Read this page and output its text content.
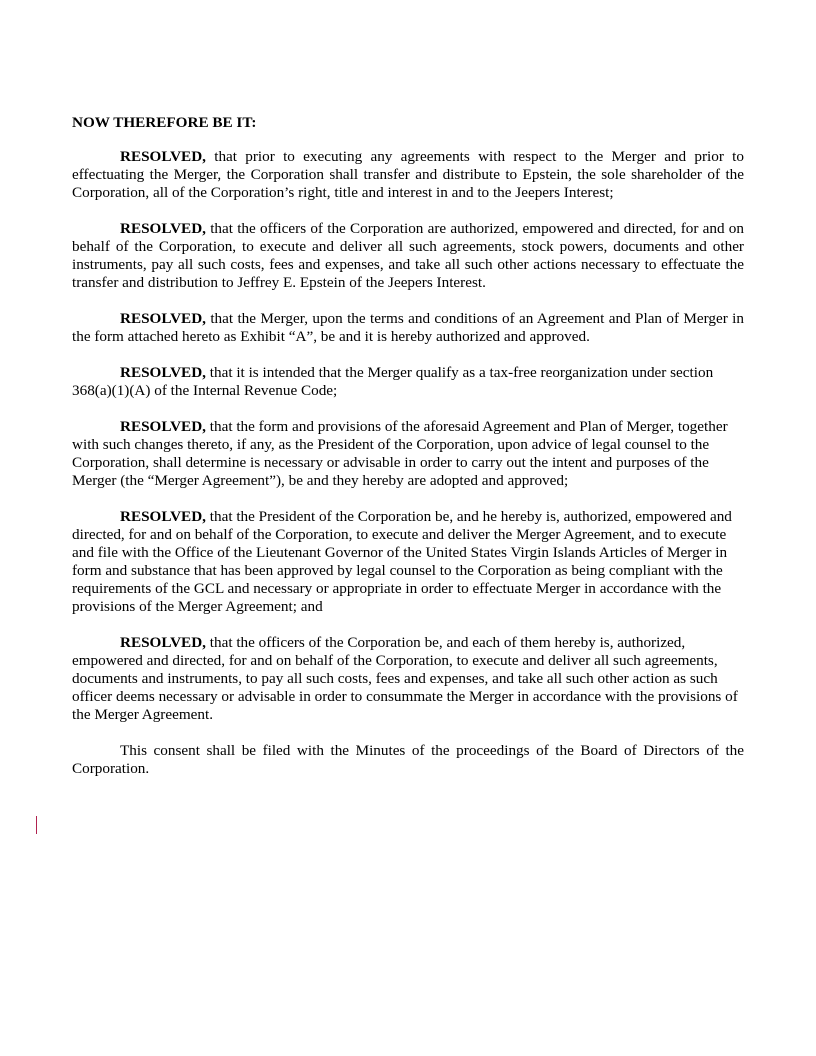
NOW THEREFORE BE IT:

RESOLVED, that prior to executing any agreements with respect to the Merger and prior to effectuating the Merger, the Corporation shall transfer and distribute to Epstein, the sole shareholder of the Corporation, all of the Corporation’s right, title and interest in and to the Jeepers Interest;

RESOLVED, that the officers of the Corporation are authorized, empowered and directed, for and on behalf of the Corporation, to execute and deliver all such agreements, stock powers, documents and other instruments, pay all such costs, fees and expenses, and take all such other actions necessary to effectuate the transfer and distribution to Jeffrey E. Epstein of the Jeepers Interest.

RESOLVED, that the Merger, upon the terms and conditions of an Agreement and Plan of Merger in the form attached hereto as Exhibit “A”, be and it is hereby authorized and approved.

RESOLVED, that it is intended that the Merger qualify as a tax-free reorganization under section 368(a)(1)(A) of the Internal Revenue Code;

RESOLVED, that the form and provisions of the aforesaid Agreement and Plan of Merger, together with such changes thereto, if any, as the President of the Corporation, upon advice of legal counsel to the Corporation, shall determine is necessary or advisable in order to carry out the intent and purposes of the Merger (the “Merger Agreement”), be and they hereby are adopted and approved;

RESOLVED, that the President of the Corporation be, and he hereby is, authorized, empowered and directed, for and on behalf of the Corporation, to execute and deliver the Merger Agreement, and to execute and file with the Office of the Lieutenant Governor of the United States Virgin Islands Articles of Merger in form and substance that has been approved by legal counsel to the Corporation as being compliant with the requirements of the GCL and necessary or appropriate in order to effectuate Merger in accordance with the provisions of the Merger Agreement; and

RESOLVED, that the officers of the Corporation be, and each of them hereby is, authorized, empowered and directed, for and on behalf of the Corporation, to execute and deliver all such agreements, documents and instruments, to pay all such costs, fees and expenses, and take all such other action as such officer deems necessary or advisable in order to consummate the Merger in accordance with the provisions of the Merger Agreement.

This consent shall be filed with the Minutes of the proceedings of the Board of Directors of the Corporation.
